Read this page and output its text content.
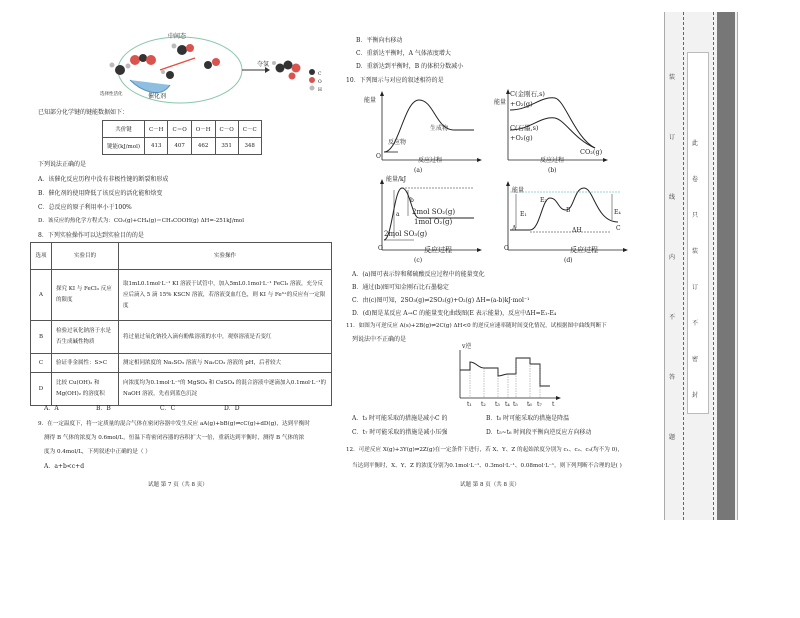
中间态
选择性活化	催化剂
夺氢
C
O
H
已知部分化学键的键能数据如下：
共价键	C－H	C＝O	O－H	C－O	C－C
键能(kJ/mol)	413	407	462	351	348
下列说法正确的是
A．该催化反应历程中没有非极性键的断裂和形成
B．催化剂的使用降低了该反应的活化能和焓变
C．总反应的原子利用率小于100%
D．该反应的热化学方程式为：CO₂(g)+CH₄(g)＝CH₃COOH(g) ΔH=-251kJ/mol
8．下列实验操作可以达到实验目的的是
选项	实验目的	实验操作
A	探究 KI 与 FeCl₃ 反应的限度	取1mL0.1mol·L⁻¹ KI 溶液于试管中，加入5mL0.1mol·L⁻¹ FeCl₃ 溶液，充分反应后滴入 5 滴 15% KSCN 溶液，若溶液变血红色，则 KI 与 Fe³⁺的反应有一定限度
B	检验过氧化钠溶于水是否生成碱性物质	将过量过氧化钠投入滴有酚酞溶液的水中，观察溶液是否变红
C	验证非金属性：S>C	测定相同浓度的 Na₂SO₃ 溶液与 Na₂CO₃ 溶液的 pH，后者较大
D	比较 Cu(OH)₂ 和 Mg(OH)₂ 的溶度积	向浓度均为0.1mol·L⁻¹的 MgSO₄ 和 CuSO₄ 的混合溶液中逐滴加入0.1mol·L⁻¹的 NaOH 溶液，先看到蓝色沉淀
A．A	B．B	C．C	D．D
9．在一定温度下，将一定质量的混合气体在密闭容器中发生反应 aA(g)+bB(g)⇌cC(g)+dD(g)，达到平衡时
测得 B 气体的浓度为 0.6mol/L，恒温下将密闭容器的容积扩大一倍，重新达到平衡时，测得 B 气体的浓
度为 0.4mol/L，下列叙述中正确的是（ ）
A．a+b<c+d
试题 第 7 页（共 8 页）
B．平衡向右移动
C．重新达平衡时，A 气体浓度增大
D．重新达到平衡时，B 的体积分数减小
10．下列图示与对应的叙述相符的是
能量
反应物
生成物
O
反应过程
(a)
能量
C(金刚石,s)
+O₂(g)
C(石墨,s)
+O₂(g)
CO₂(g)
反应过程
(b)
能量/kJ
a
b
2mol SO₂(g)
1mol O₂(g)
2mol SO₃(g)
O	反应过程
(c)
能量
E₁
E₂
E₄
A
B
C
ΔH
O	反应过程
(d)
A．(a)图可表示锌和稀硫酸反应过程中的能量变化
B．通过(b)图可知金刚石比石墨稳定
C．由(c)图可知，2SO₃(g)⇌2SO₂(g)+O₂(g) ΔH=(a-b)kJ·mol⁻¹
D．(d)图是某反应 A→C 的能量变化曲线图(E 表示能量)，反应中ΔH=E₁-E₄
11．如图为可逆反应 A(s)+2B(g)⇌2C(g) ΔH<0 的逆反应速率随时间变化情况，试根据图中曲线判断下
列说法中不正确的是
v逆
t₁ t₂ t₃ t₄ t₅ t₆ t₇ t
A．t₃ 时可能采取的措施是减小C 的	B．t₅ 时可能采取的措施是降温
C．t₇ 时可能采取的措施是减小压强	D．t₅~t₆ 时间段平衡向逆反应方向移动
12．可逆反应 X(g)+3Y(g)⇌2Z(g)在一定条件下进行，若 X、Y、Z 的起始浓度分别为 c₁、c₂、c₃(均不为 0)，
当达到平衡时，X、Y、Z 的浓度分别为0.1mol·L⁻¹、0.3mol·L⁻¹、0.08mol·L⁻¹，则下列判断不合理的是( )
试题 第 8 页（共 8 页）
此
卷
只
装
订
不
密
封
装
订
线
内
不
答
题
